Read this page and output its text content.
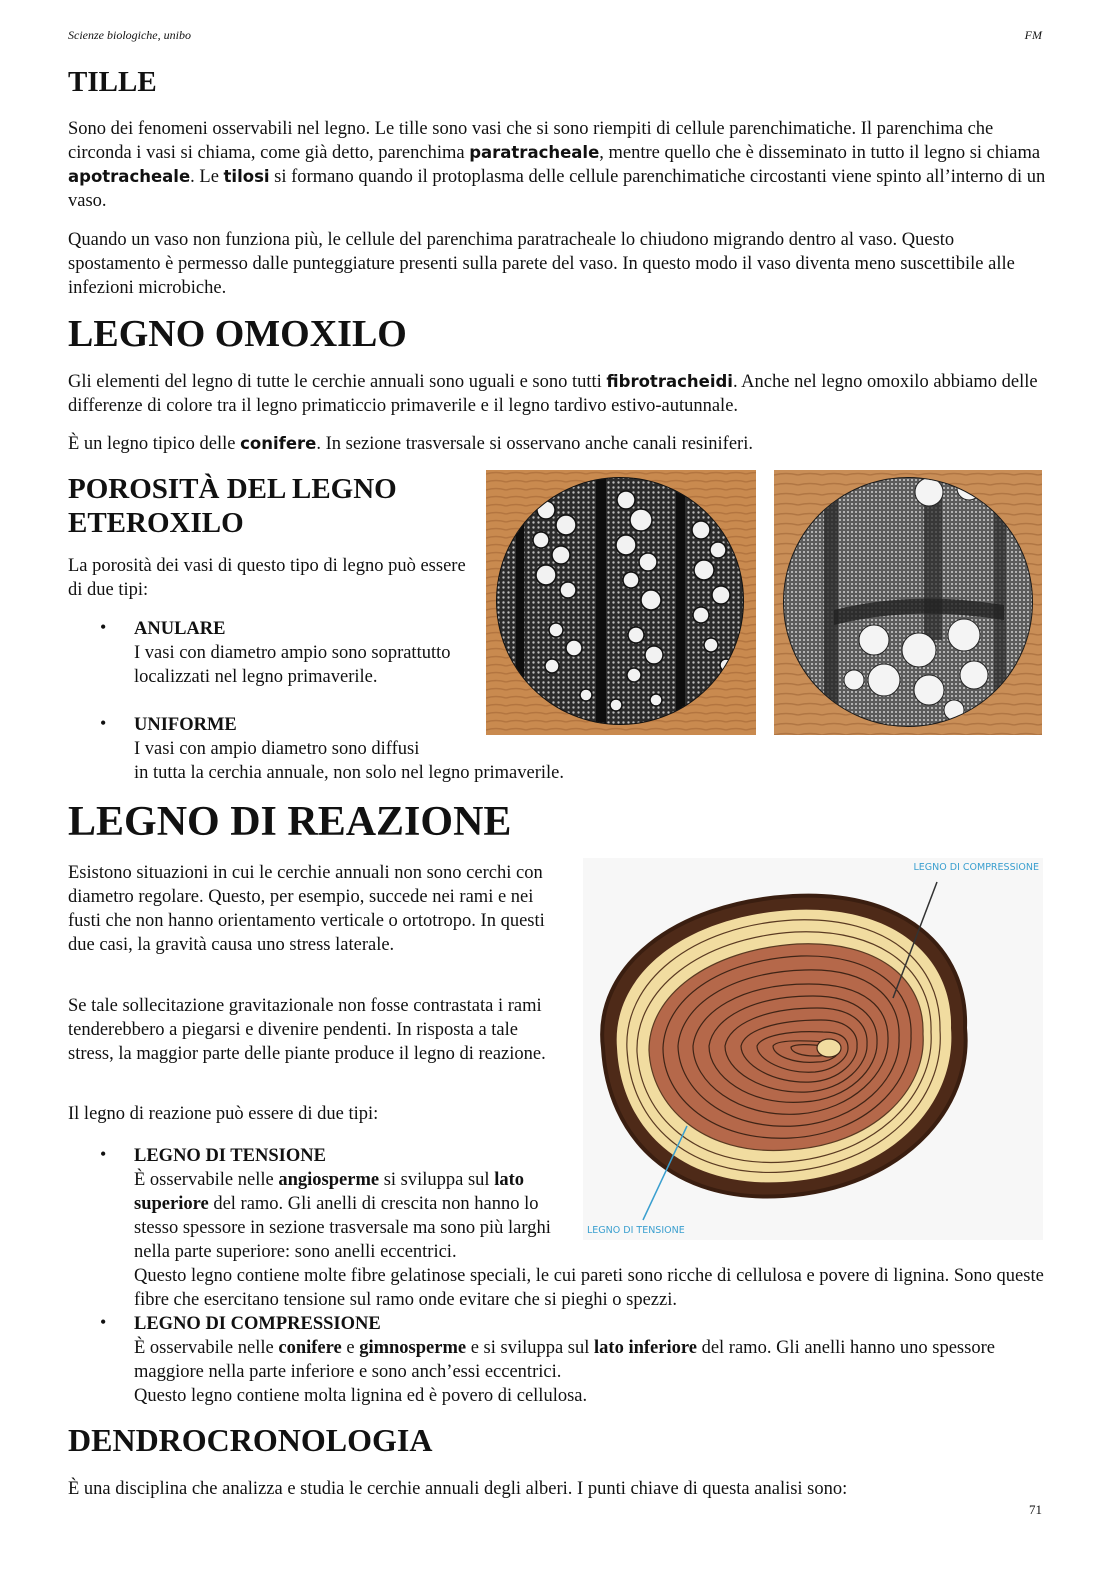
Scienze biologiche, unibo	FM
TILLE

Sono dei fenomeni osservabili nel legno. Le tille sono vasi che si sono riempiti di cellule parenchimatiche. Il parenchima che circonda i vasi si chiama, come già detto, parenchima paratracheale, mentre quello che è disseminato in tutto il legno si chiama apotracheale. Le tilosi si formano quando il protoplasma delle cellule parenchimatiche circostanti viene spinto all’interno di un vaso.

Quando un vaso non funziona più, le cellule del parenchima paratracheale lo chiudono migrando dentro al vaso. Questo spostamento è permesso dalle punteggiature presenti sulla parete del vaso. In questo modo il vaso diventa meno suscettibile alle infezioni microbiche.

LEGNO OMOXILO

Gli elementi del legno di tutte le cerchie annuali sono uguali e sono tutti fibrotracheidi. Anche nel legno omoxilo abbiamo delle differenze di colore tra il legno primaticcio primaverile e il legno tardivo estivo-autunnale.

È un legno tipico delle conifere. In sezione trasversale si osservano anche canali resiniferi.

POROSITÀ DEL LEGNO
ETEROXILO

La porosità dei vasi di questo tipo di legno può essere di due tipi:

• ANULARE
I vasi con diametro ampio sono soprattutto localizzati nel legno primaverile.
• UNIFORME
I vasi con ampio diametro sono diffusi
in tutta la cerchia annuale, non solo nel legno primaverile.
LEGNO DI REAZIONE

Esistono situazioni in cui le cerchie annuali non sono cerchi con diametro regolare. Questo, per esempio, succede nei rami e nei fusti che non hanno orientamento verticale o ortotropo. In questi due casi, la gravità causa uno stress laterale.

Se tale sollecitazione gravitazionale non fosse contrastata i rami tenderebbero a piegarsi e divenire pendenti. In risposta a tale stress, la maggior parte delle piante produce il legno di reazione.

Il legno di reazione può essere di due tipi:

• LEGNO DI TENSIONE
È osservabile nelle angiosperme si sviluppa sul lato superiore del ramo. Gli anelli di crescita non hanno lo stesso spessore in sezione trasversale ma sono più larghi nella parte superiore: sono anelli eccentrici.

Questo legno contiene molte fibre gelatinose speciali, le cui pareti sono ricche di cellulosa e povere di lignina. Sono queste fibre che esercitano tensione sul ramo onde evitare che si pieghi o spezzi.

• LEGNO DI COMPRESSIONE
È osservabile nelle conifere e gimnosperme e si sviluppa sul lato inferiore del ramo. Gli anelli hanno uno spessore maggiore nella parte inferiore e sono anch’essi eccentrici.
Questo legno contiene molta lignina ed è povero di cellulosa.
LEGNO DI COMPRESSIONE
LEGNO DI TENSIONE
DENDROCRONOLOGIA

È una disciplina che analizza e studia le cerchie annuali degli alberi. I punti chiave di questa analisi sono:

71
